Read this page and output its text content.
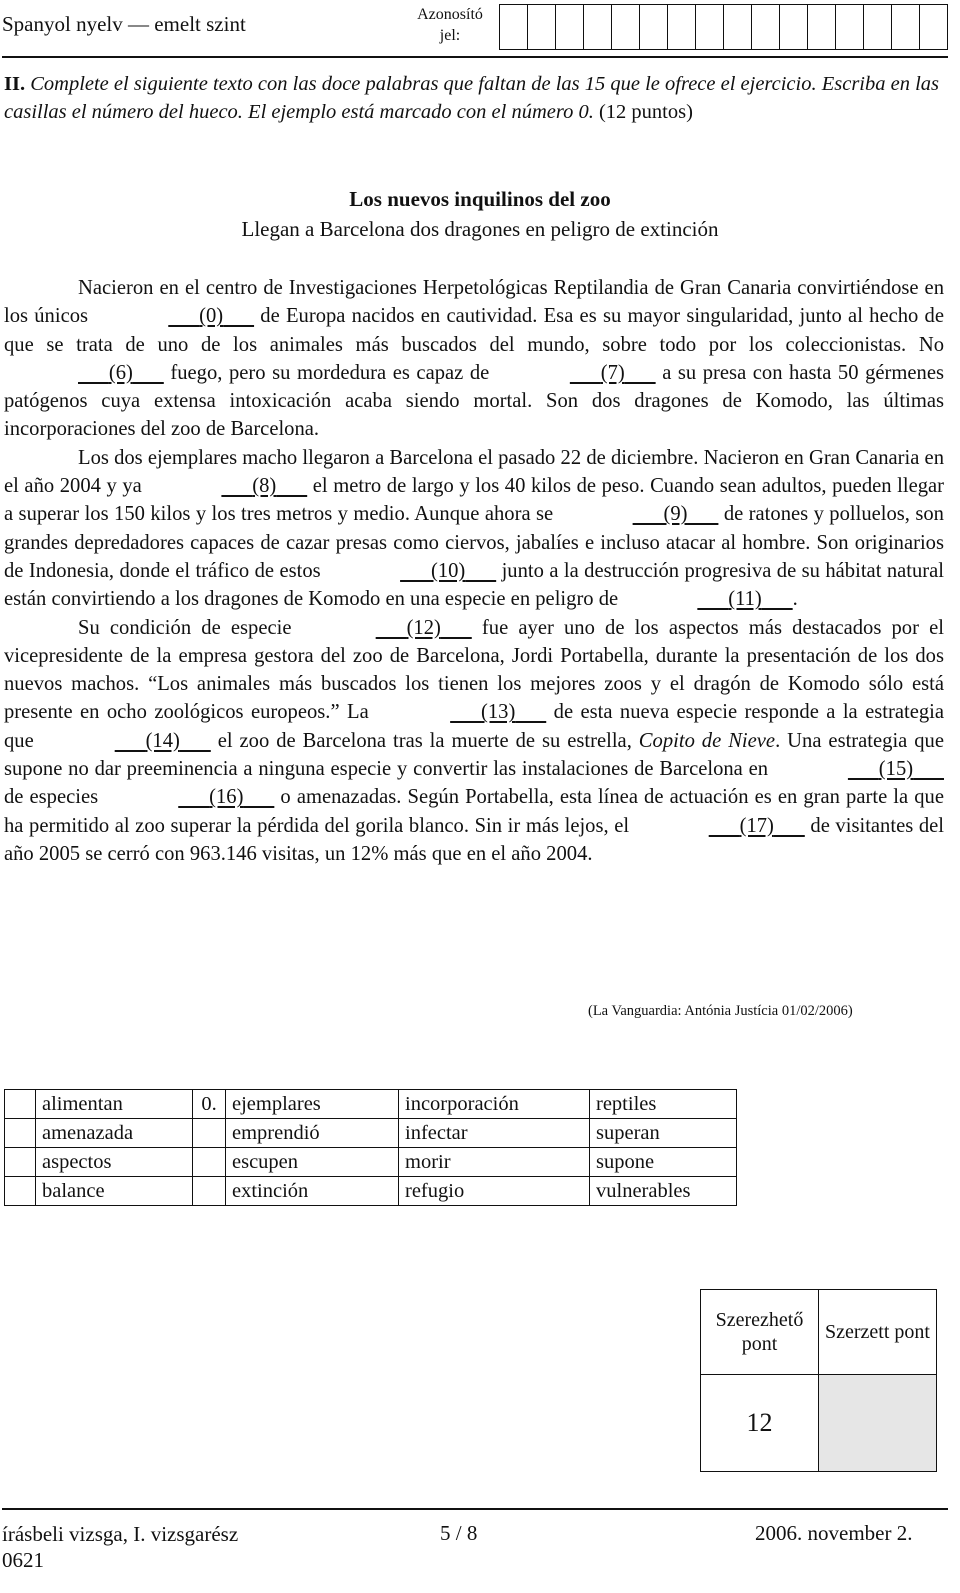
Spanyol nyelv — emelt szint	Azonosító
jel:
II. Complete el siguiente texto con las doce palabras que faltan de las 15 que le ofrece el ejercicio. Escriba en las casillas el número del hueco. El ejemplo está marcado con el número 0. (12 puntos)
Los nuevos inquilinos del zoo
Llegan a Barcelona dos dragones en peligro de extinción

Nacieron en el centro de Investigaciones Herpetológicas Reptilandia de Gran Canaria convirtiéndose en los únicos	(0)       de Europa nacidos en cautividad. Esa es su mayor singularidad, junto al hecho de que se trata de uno de los animales más buscados del mundo, sobre todo por los coleccionistas. No       (6)       fuego, pero su mordedura es capaz de	(7)       a su presa con hasta 50 gérmenes patógenos cuya extensa intoxicación acaba siendo mortal. Son dos dragones de Komodo, las últimas incorporaciones del zoo de Barcelona.

Los dos ejemplares macho llegaron a Barcelona el pasado 22 de diciembre. Nacieron en Gran Canaria en el año 2004 y ya	(8)       el metro de largo y los 40 kilos de peso. Cuando sean adultos, pueden llegar a superar los 150 kilos y los tres metros y medio. Aunque ahora se	(9)       de ratones y polluelos, son grandes depredadores capaces de cazar presas como ciervos, jabalíes e incluso atacar al hombre. Son originarios de Indonesia, donde el tráfico de estos	(10)       junto a la destrucción progresiva de su hábitat natural están convirtiendo a los dragones de Komodo en una especie en peligro de	(11) .

Su condición de especie	(12)       fue ayer uno de los aspectos más destacados por el vicepresidente de la empresa gestora del zoo de Barcelona, Jordi Portabella, durante la presentación de los dos nuevos machos. “Los animales más buscados los tienen los mejores zoos y el dragón de Komodo sólo está presente en ocho zoológicos europeos.” La	(13)       de esta nueva especie responde a la estrategia que	(14)       el zoo de Barcelona tras la muerte de su estrella, Copito de Nieve. Una estrategia que supone no dar preeminencia a ninguna especie y convertir las instalaciones de Barcelona en	(15)       de especies	(16)       o amenazadas. Según Portabella, esta línea de actuación es en gran parte la que ha permitido al zoo superar la pérdida del gorila blanco. Sin ir más lejos, el	(17)       de visitantes del año 2005 se cerró con 963.146 visitas, un 12% más que en el año 2004.

(La Vanguardia: Antónia Justícia 01/02/2006)
	alimentan	0.	ejemplares	incorporación	reptiles
	amenazada		emprendió	infectar	superan
	aspectos		escupen	morir	supone
	balance		extinción	refugio	vulnerables
Szerezhető pont	Szerzett pont
12	
írásbeli vizsga, I. vizsgarész
0621
5 / 8	2006. november 2.
